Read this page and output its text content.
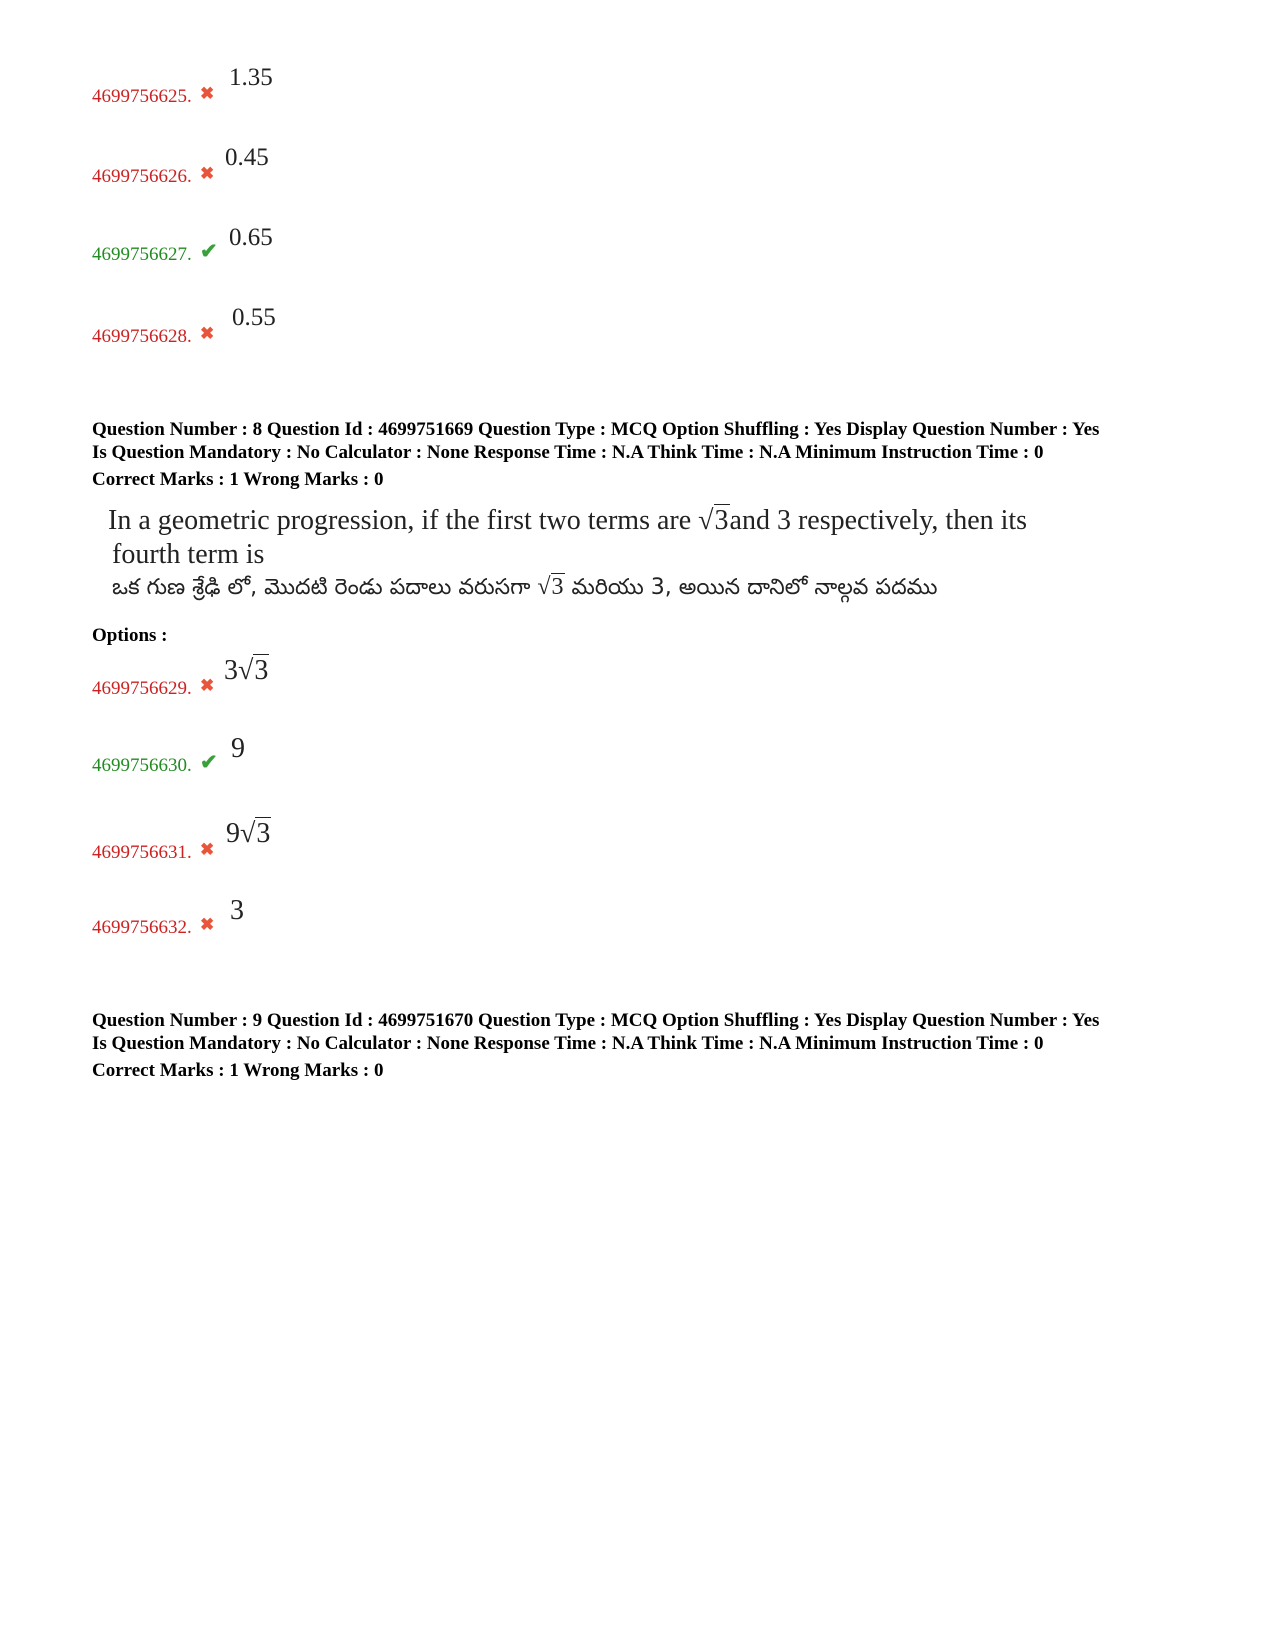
4699756625. ✖
1.35
4699756626. ✖
0.45
4699756627. ✔ 0.65
4699756628. ✖
0.55
Question Number : 8 Question Id : 4699751669 Question Type : MCQ Option Shuffling : Yes Display Question Number : Yes
Is Question Mandatory : No Calculator : None Response Time : N.A Think Time : N.A Minimum Instruction Time : 0
Correct Marks : 1 Wrong Marks : 0
In a geometric progression, if the first two terms are √3and 3 respectively, then its
fourth term is
ఒక గుణ శ్రేఢి లో, మొదటి రెండు పదాలు వరుసగా √3 మరియు 3, అయిన దానిలో నాల్గవ పదము
Options :
4699756629. ✖ 3√3
4699756630. ✔ 9
4699756631. ✖
9√3
4699756632. ✖ 3
Question Number : 9 Question Id : 4699751670 Question Type : MCQ Option Shuffling : Yes Display Question Number : Yes
Is Question Mandatory : No Calculator : None Response Time : N.A Think Time : N.A Minimum Instruction Time : 0
Correct Marks : 1 Wrong Marks : 0
